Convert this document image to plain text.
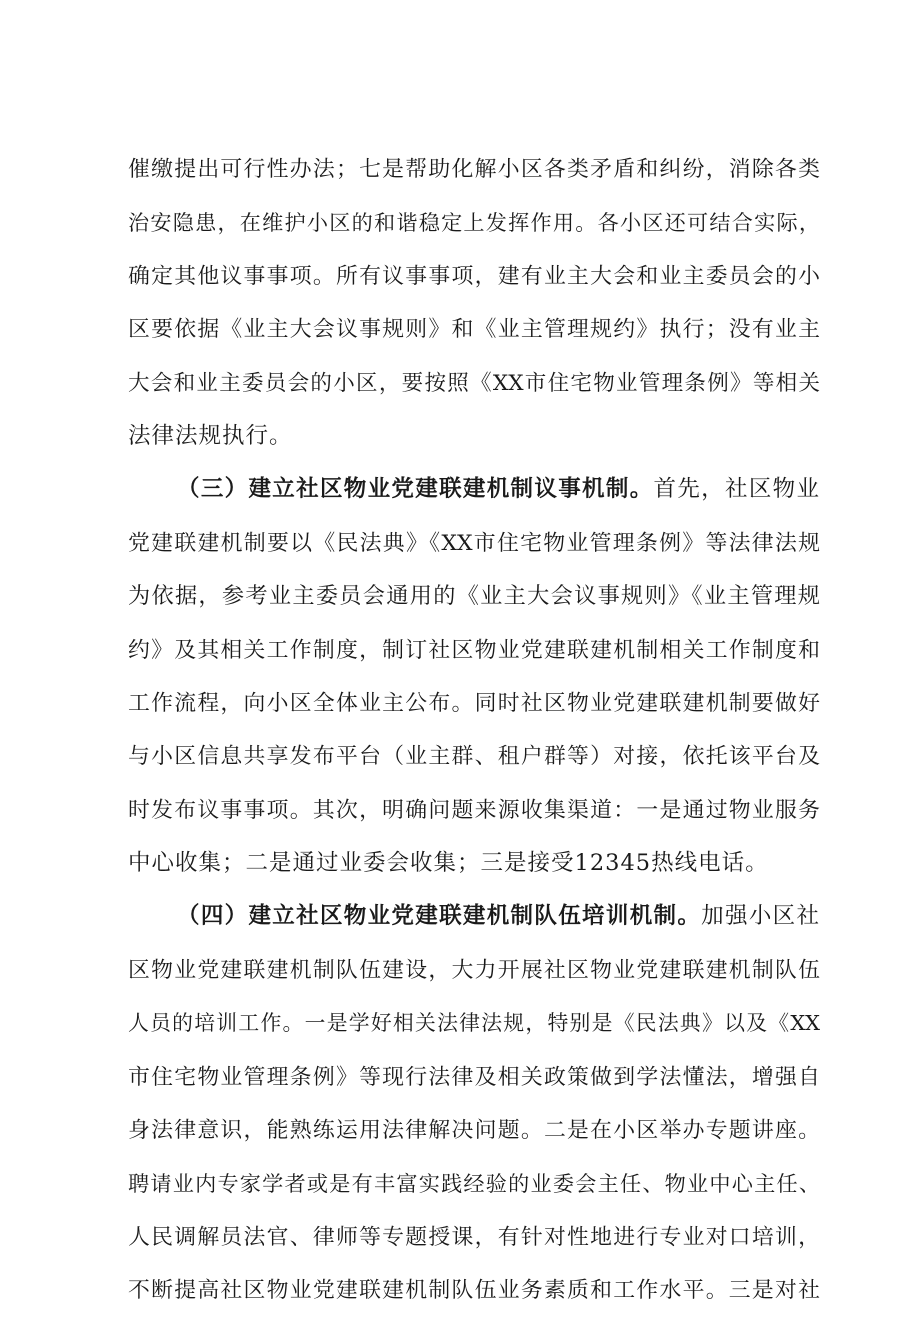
催缴提出可行性办法；七是帮助化解小区各类矛盾和纠纷，消除各类
治安隐患，在维护小区的和谐稳定上发挥作用。各小区还可结合实际，
确定其他议事事项。所有议事事项，建有业主大会和业主委员会的小
区要依据《业主大会议事规则》和《业主管理规约》执行；没有业主
大会和业主委员会的小区，要按照《XX市住宅物业管理条例》等相关
法律法规执行。
（三）建立社区物业党建联建机制议事机制。首先，社区物业
党建联建机制要以《民法典》《XX市住宅物业管理条例》等法律法规
为依据，参考业主委员会通用的《业主大会议事规则》《业主管理规
约》及其相关工作制度，制订社区物业党建联建机制相关工作制度和
工作流程，向小区全体业主公布。同时社区物业党建联建机制要做好
与小区信息共享发布平台（业主群、租户群等）对接，依托该平台及
时发布议事事项。其次，明确问题来源收集渠道：一是通过物业服务
中心收集；二是通过业委会收集；三是接受12345热线电话。
（四）建立社区物业党建联建机制队伍培训机制。加强小区社
区物业党建联建机制队伍建设，大力开展社区物业党建联建机制队伍
人员的培训工作。一是学好相关法律法规，特别是《民法典》以及《XX
市住宅物业管理条例》等现行法律及相关政策做到学法懂法，增强自
身法律意识，能熟练运用法律解决问题。二是在小区举办专题讲座。
聘请业内专家学者或是有丰富实践经验的业委会主任、物业中心主任、
人民调解员法官、律师等专题授课，有针对性地进行专业对口培训，
不断提高社区物业党建联建机制队伍业务素质和工作水平。三是对社
